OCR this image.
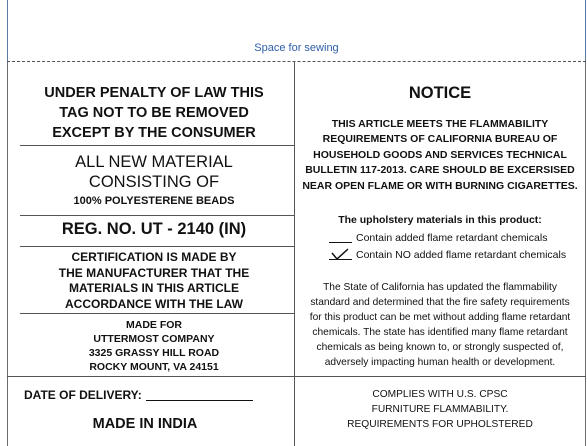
Space for sewing
UNDER PENALTY OF LAW THIS
TAG NOT TO BE REMOVED
EXCEPT BY THE CONSUMER
ALL NEW MATERIAL
CONSISTING OF
100% POLYESTERENE BEADS
REG. NO. UT - 2140 (IN)
CERTIFICATION IS MADE BY
THE MANUFACTURER THAT THE
MATERIALS IN THIS ARTICLE
ACCORDANCE WITH THE LAW
MADE FOR
UTTERMOST COMPANY
3325 GRASSY HILL ROAD
ROCKY MOUNT, VA 24151
DATE OF DELIVERY:
MADE IN INDIA
NOTICE
THIS ARTICLE MEETS THE FLAMMABILITY
REQUIREMENTS OF CALIFORNIA BUREAU OF
HOUSEHOLD GOODS AND SERVICES TECHNICAL
BULLETIN 117-2013. CARE SHOULD BE EXCERSISED
NEAR OPEN FLAME OR WITH BURNING CIGARETTES.
The upholstery materials in this product:
Contain added flame retardant chemicals
Contain NO added flame retardant chemicals
The State of California has updated the flammability
standard and determined that the fire safety requirements
for this product can be met without adding flame retardant
chemicals. The state has identified many flame retardant
chemicals as being known to, or strongly suspected of,
adversely impacting human health or development.
COMPLIES WITH U.S. CPSC
FURNITURE FLAMMABILITY.
REQUIREMENTS FOR UPHOLSTERED
